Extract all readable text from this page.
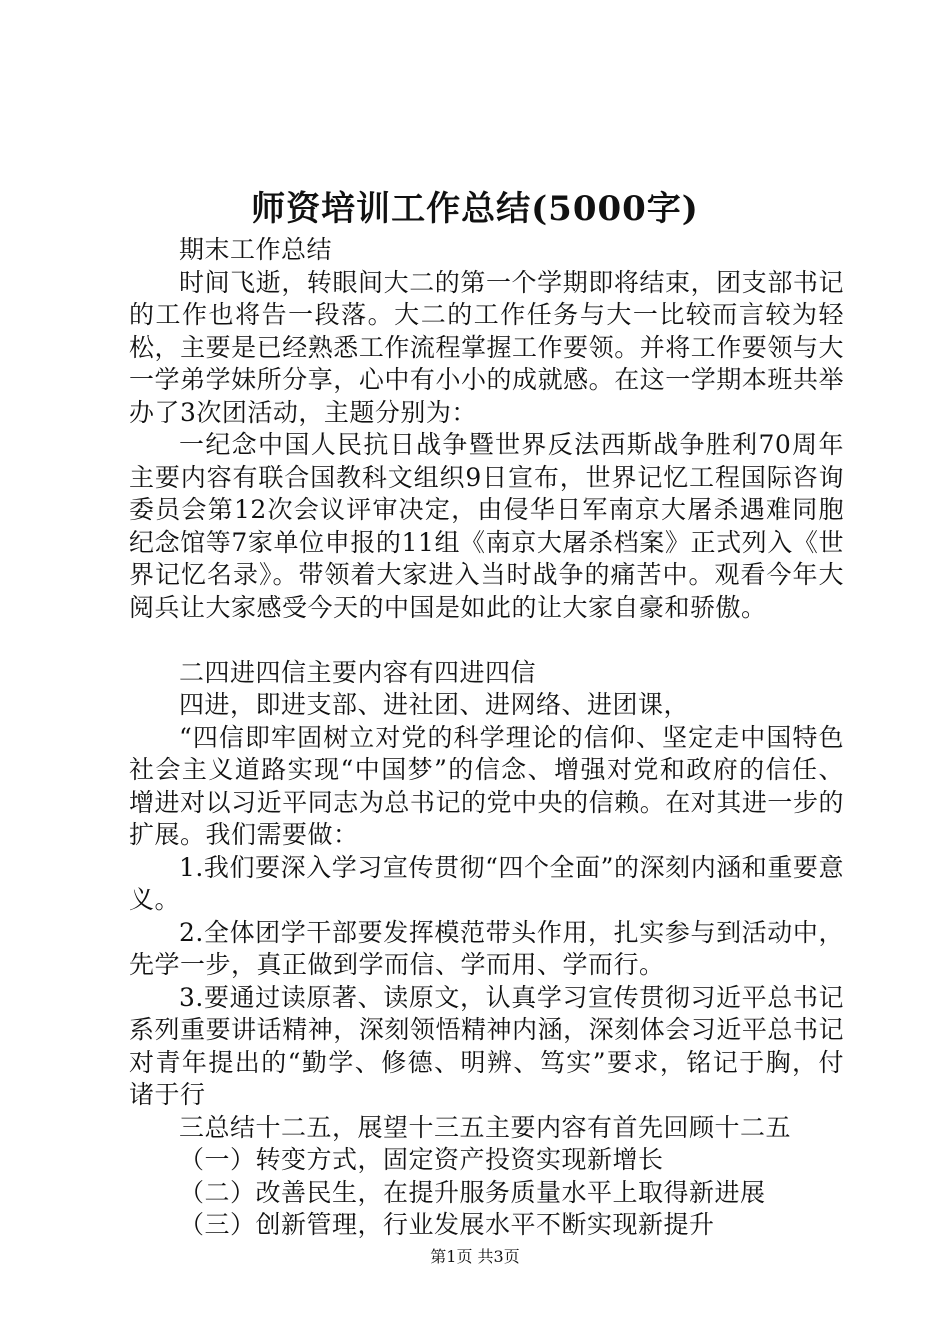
师资培训工作总结(5000字)

期末工作总结

时间飞逝，转眼间大二的第一个学期即将结束，团支部书记的工作也将告一段落。大二的工作任务与大一比较而言较为轻松，主要是已经熟悉工作流程掌握工作要领。并将工作要领与大一学弟学妹所分享，心中有小小的成就感。在这一学期本班共举办了3次团活动，主题分别为：

一纪念中国人民抗日战争暨世界反法西斯战争胜利70周年主要内容有联合国教科文组织9日宣布，世界记忆工程国际咨询委员会第12次会议评审决定，由侵华日军南京大屠杀遇难同胞纪念馆等7家单位申报的11组《南京大屠杀档案》正式列入《世界记忆名录》。带领着大家进入当时战争的痛苦中。观看今年大阅兵让大家感受今天的中国是如此的让大家自豪和骄傲。

二四进四信主要内容有四进四信

四进，即进支部、进社团、进网络、进团课，

“四信即牢固树立对党的科学理论的信仰、坚定走中国特色社会主义道路实现“中国梦”的信念、增强对党和政府的信任、增进对以习近平同志为总书记的党中央的信赖。在对其进一步的扩展。我们需要做：

1.我们要深入学习宣传贯彻“四个全面”的深刻内涵和重要意义。

2.全体团学干部要发挥模范带头作用，扎实参与到活动中，先学一步，真正做到学而信、学而用、学而行。

3.要通过读原著、读原文，认真学习宣传贯彻习近平总书记系列重要讲话精神，深刻领悟精神内涵，深刻体会习近平总书记对青年提出的“勤学、修德、明辨、笃实”要求，铭记于胸，付诸于行

三总结十二五，展望十三五主要内容有首先回顾十二五

（一）转变方式，固定资产投资实现新增长

（二）改善民生，在提升服务质量水平上取得新进展

（三）创新管理，行业发展水平不断实现新提升

第1页 共3页
